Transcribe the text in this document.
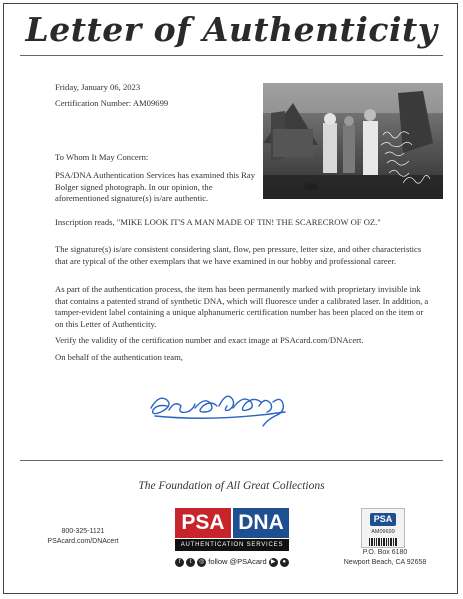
Letter of Authenticity
Friday, January 06, 2023
Certification Number: AM09699
To Whom It May Concern:
PSA/DNA Authentication Services has examined this Ray Bolger signed photograph. In our opinion, the aforementioned signature(s) is/are authentic.
Inscription reads, "MIKE LOOK IT'S A MAN MADE OF TIN! THE SCARECROW OF OZ."
The signature(s) is/are consistent considering slant, flow, pen pressure, letter size, and other characteristics that are typical of the other exemplars that we have examined in our hobby and professional career.
As part of the authentication process, the item has been permanently marked with proprietary invisible ink that contains a patented strand of synthetic DNA, which will fluoresce under a calibrated laser. In addition, a tamper-evident label containing a unique alphanumeric certification number has been placed on the item or on this Letter of Authenticity.
Verify the validity of the certification number and exact image at PSAcard.com/DNAcert.
On behalf of the authentication team,
The Foundation of All Great Collections
800-325-1121
PSAcard.com/DNAcert
PSA DNA
AUTHENTICATION SERVICES
f	t	◎ follow @PSAcard ▶	●
PSA
AM09699
P.O. Box 6180
Newport Beach, CA 92658
